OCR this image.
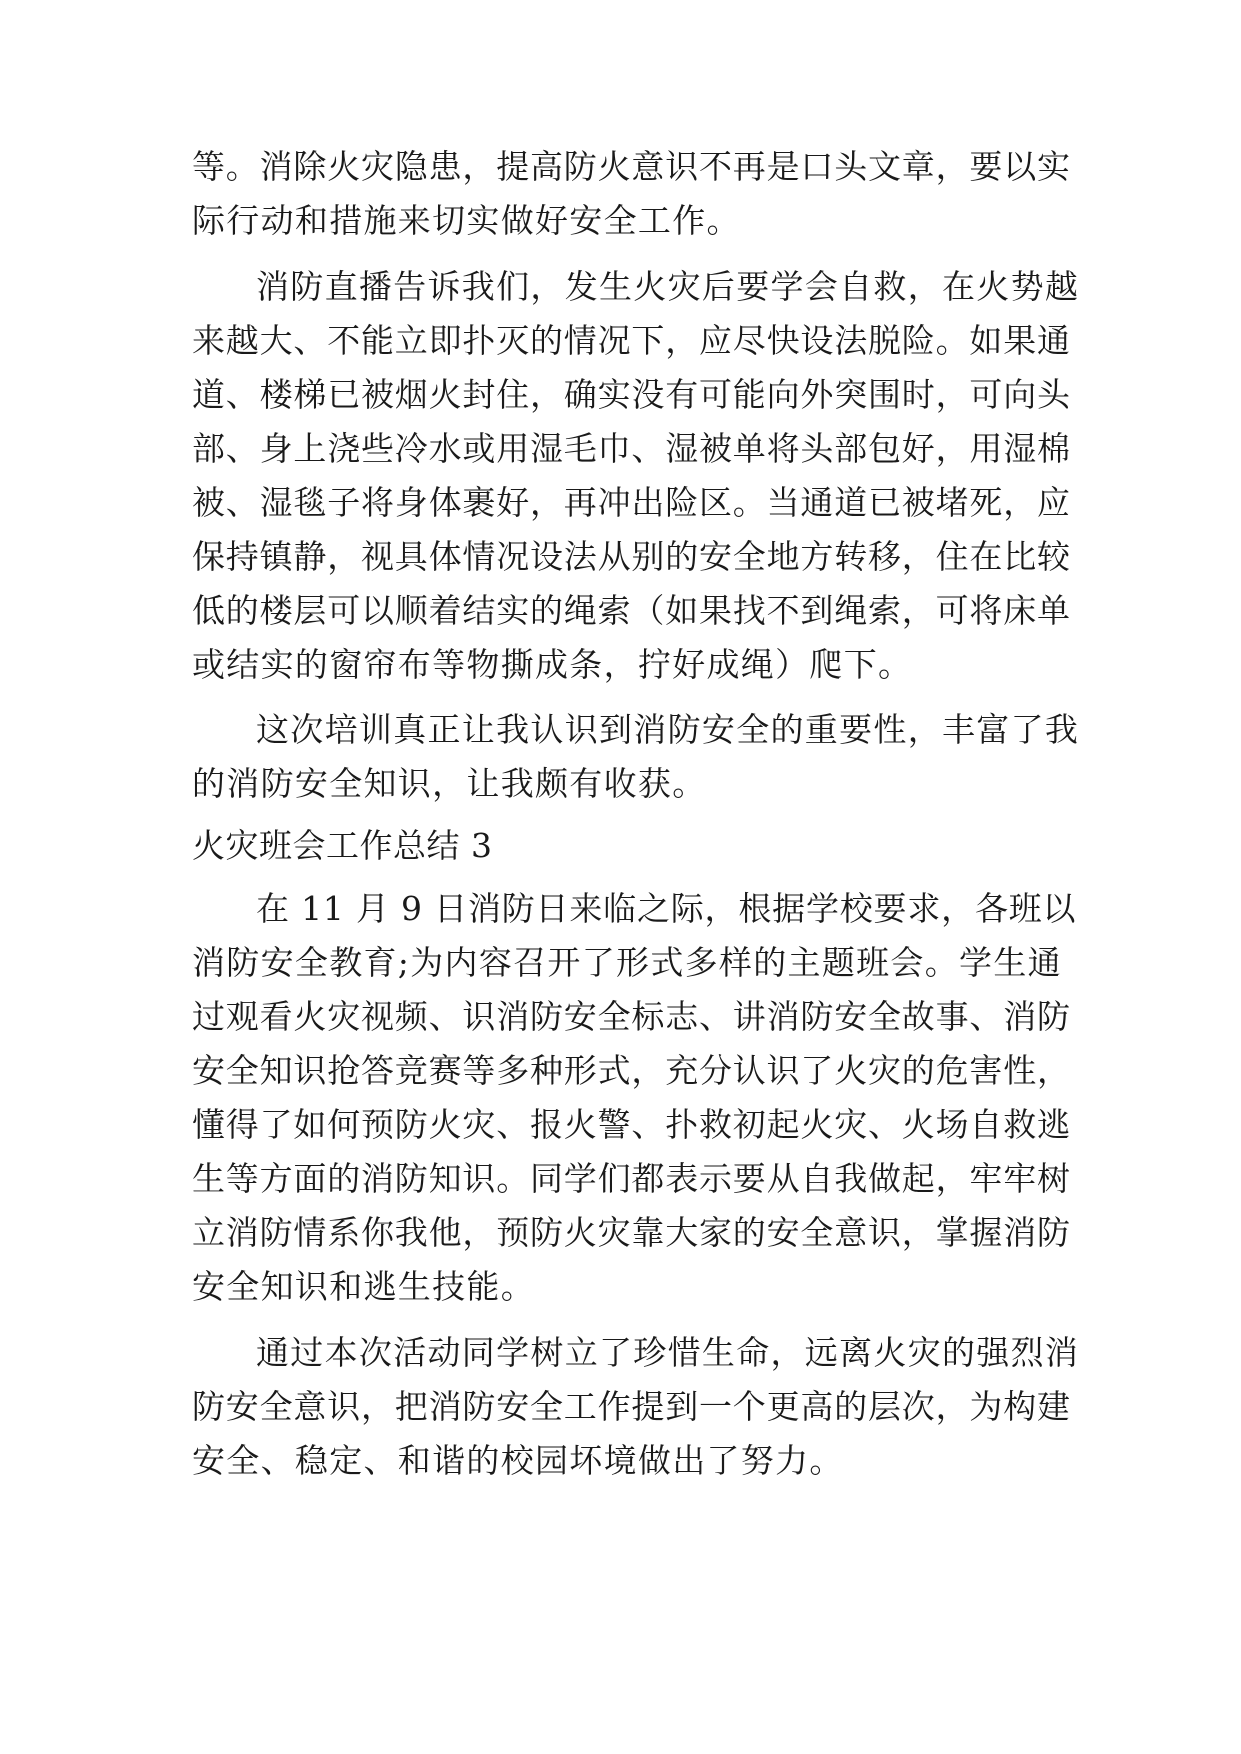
等。消除火灾隐患，提高防火意识不再是口头文章，要以实
际行动和措施来切实做好安全工作。
消防直播告诉我们，发生火灾后要学会自救，在火势越
来越大、不能立即扑灭的情况下，应尽快设法脱险。如果通
道、楼梯已被烟火封住，确实没有可能向外突围时，可向头
部、身上浇些冷水或用湿毛巾、湿被单将头部包好，用湿棉
被、湿毯子将身体裹好，再冲出险区。当通道已被堵死，应
保持镇静，视具体情况设法从别的安全地方转移，住在比较
低的楼层可以顺着结实的绳索（如果找不到绳索，可将床单
或结实的窗帘布等物撕成条，拧好成绳）爬下。
这次培训真正让我认识到消防安全的重要性，丰富了我
的消防安全知识，让我颇有收获。
火灾班会工作总结 3
在 11 月 9 日消防日来临之际，根据学校要求，各班以
消防安全教育;为内容召开了形式多样的主题班会。学生通
过观看火灾视频、识消防安全标志、讲消防安全故事、消防
安全知识抢答竞赛等多种形式，充分认识了火灾的危害性，
懂得了如何预防火灾、报火警、扑救初起火灾、火场自救逃
生等方面的消防知识。同学们都表示要从自我做起，牢牢树
立消防情系你我他，预防火灾靠大家的安全意识，掌握消防
安全知识和逃生技能。
通过本次活动同学树立了珍惜生命，远离火灾的强烈消
防安全意识，把消防安全工作提到一个更高的层次，为构建
安全、稳定、和谐的校园坏境做出了努力。
